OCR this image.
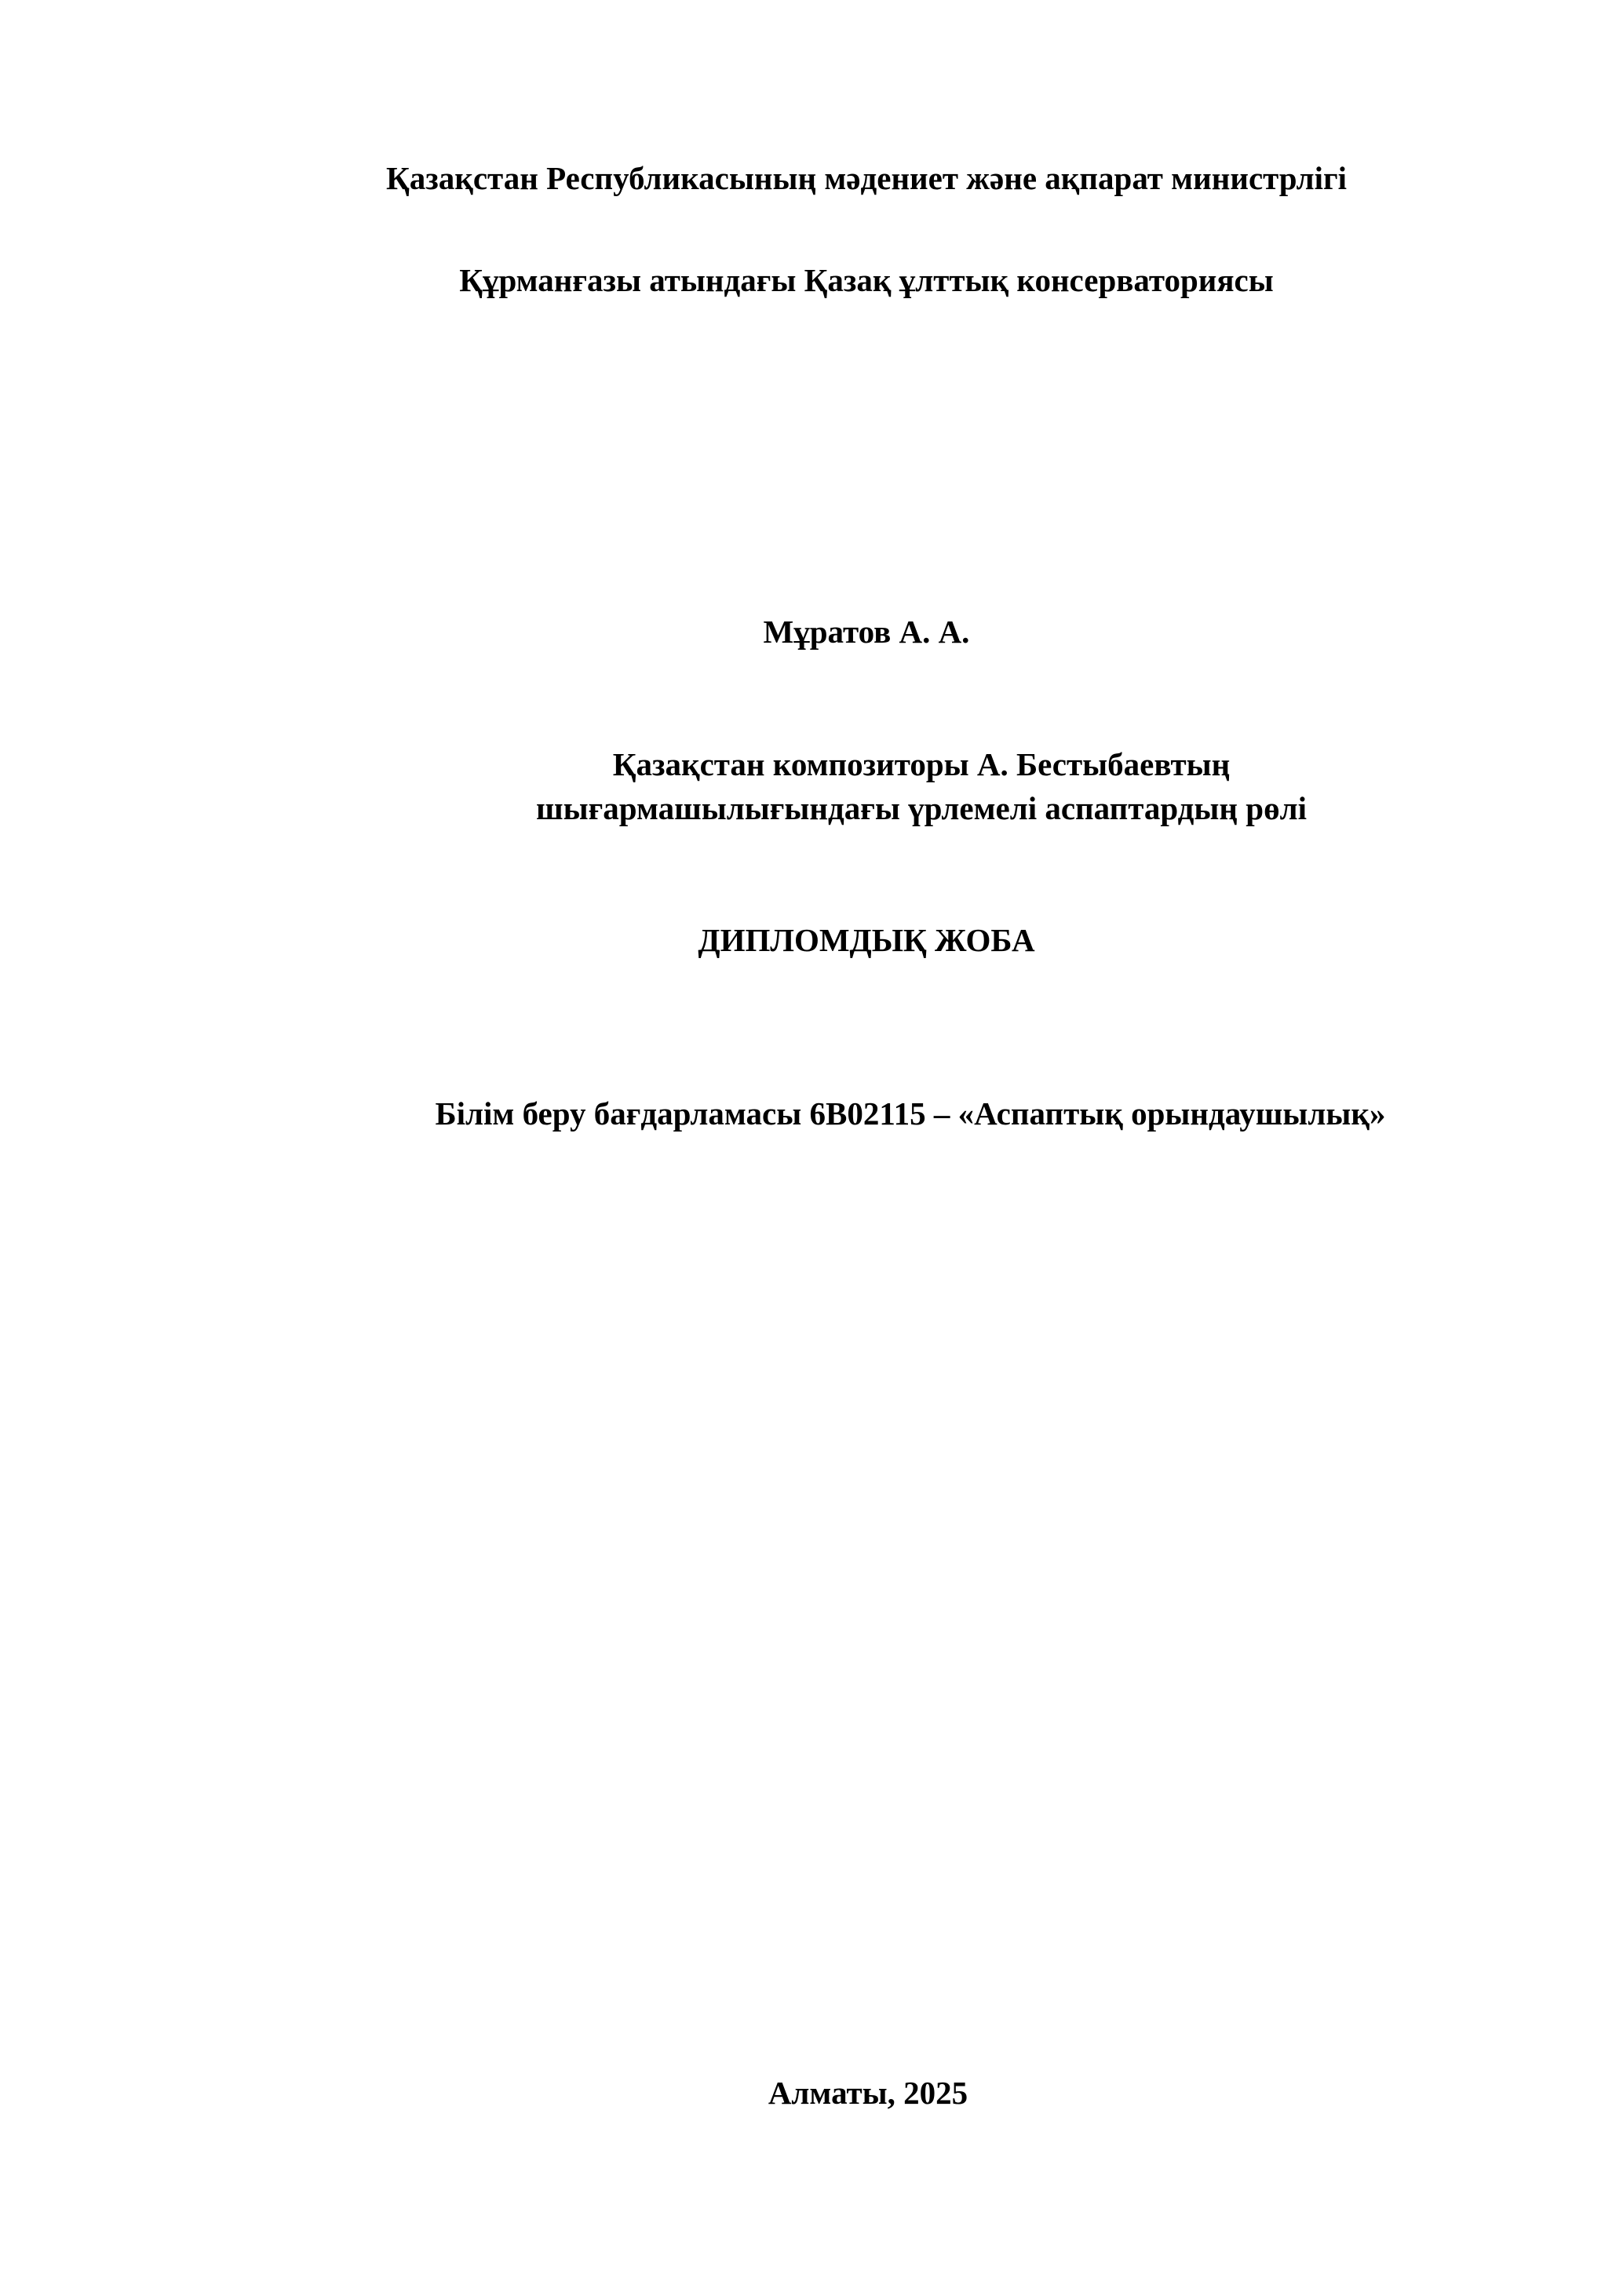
Қазақстан Республикасының мәдениет және ақпарат министрлігі
Құрманғазы атындағы Қазақ ұлттық консерваториясы
Мұратов А. А.
Қазақстан композиторы А. Бестыбаевтың
шығармашылығындағы үрлемелі аспаптардың рөлі
ДИПЛОМДЫҚ ЖОБА
Білім беру бағдарламасы 6В02115 – «Аспаптық орындаушылық»
Алматы, 2025
